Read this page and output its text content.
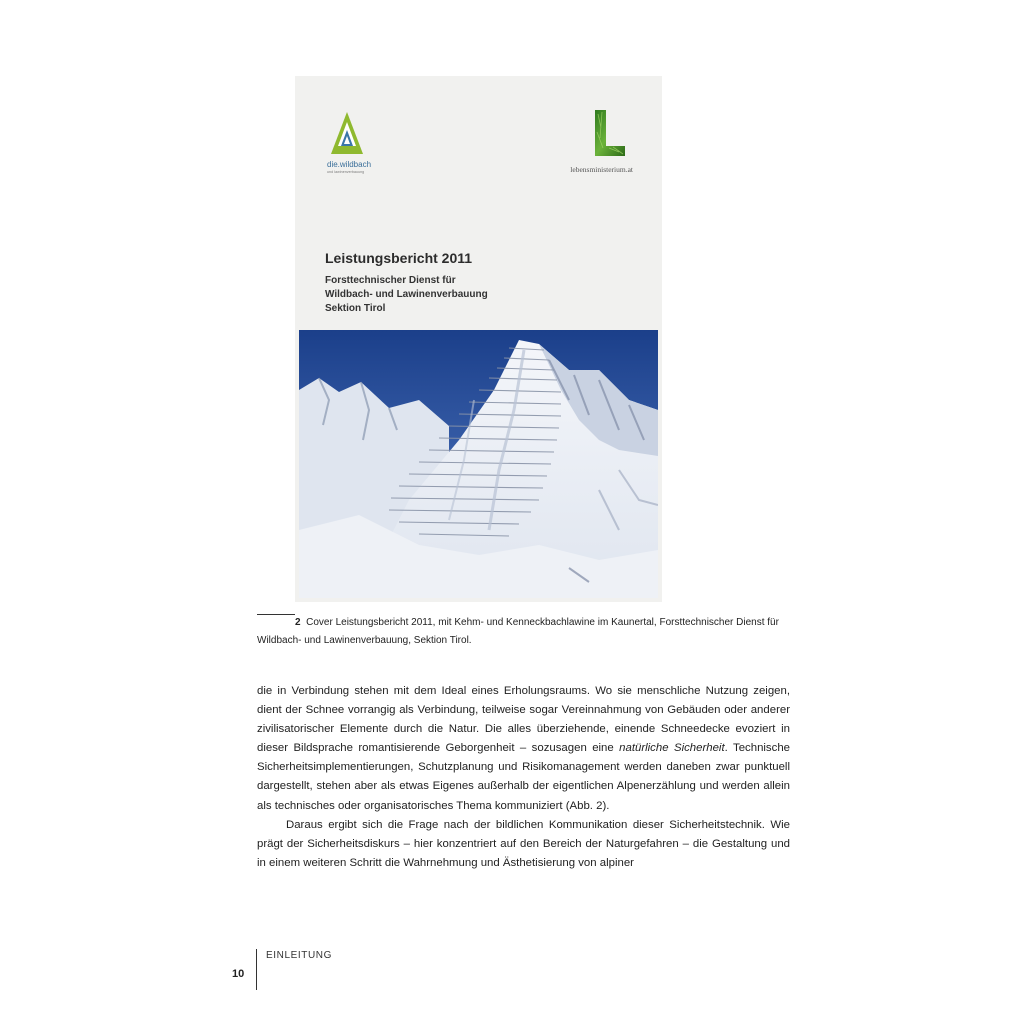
die.wildbach
und lawinenverbauung	lebensministerium.at
Leistungsbericht 2011
Forsttechnischer Dienst für
Wildbach- und Lawinenverbauung
Sektion Tirol
2 Cover Leistungsbericht 2011, mit Kehm- und Kenneckbachlawine im Kaunertal, Forsttechnischer Dienst für Wildbach- und Lawinenverbauung, Sektion Tirol.

die in Verbindung stehen mit dem Ideal eines Erholungsraums. Wo sie menschliche Nutzung zeigen, dient der Schnee vorrangig als Verbindung, teilweise sogar Vereinnahmung von Gebäuden oder anderer zivilisatorischer Elemente durch die Natur. Die alles überziehende, einende Schneedecke evoziert in dieser Bildsprache romantisierende Geborgenheit – sozusagen eine natürliche Sicherheit. Technische Sicherheitsimplementierungen, Schutzplanung und Risikomanagement werden daneben zwar punktuell dargestellt, stehen aber als etwas Eigenes außerhalb der eigentlichen Alpenerzählung und werden allein als technisches oder organisatorisches Thema kommuniziert (Abb. 2).

Daraus ergibt sich die Frage nach der bildlichen Kommunikation dieser Sicherheitstechnik. Wie prägt der Sicherheitsdiskurs – hier konzentriert auf den Bereich der Naturgefahren – die Gestaltung und in einem weiteren Schritt die Wahrnehmung und Ästhetisierung von alpiner

EINLEITUNG
10
